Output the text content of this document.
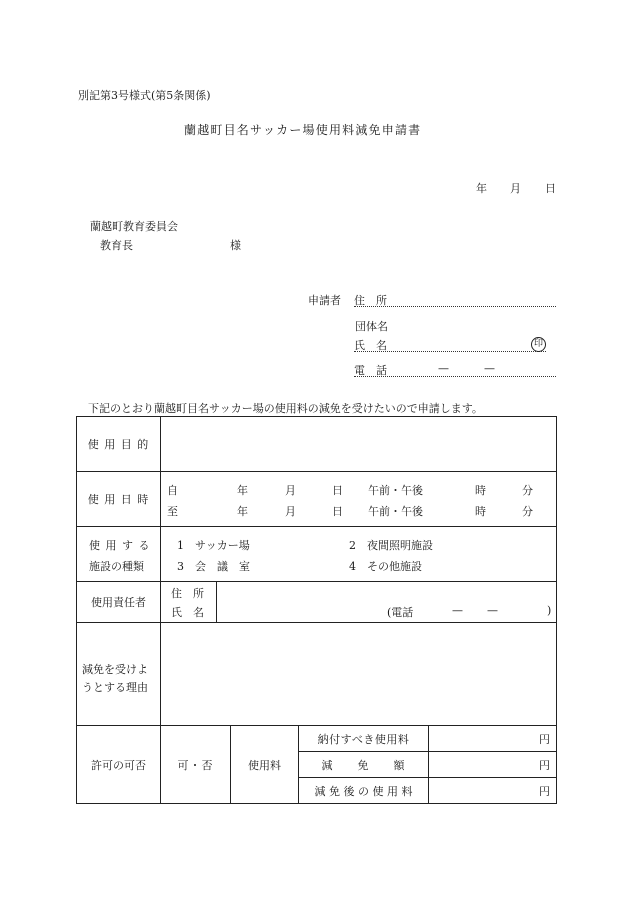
別記第3号様式(第5条関係)
蘭越町目名サッカー場使用料減免申請書
年 月 日
蘭越町教育委員会
教育長	様
申請者 住　所
団体名
氏　名	印
電　話	—	—
下記のとおり蘭越町目名サッカー場の使用料の減免を受けたいので申請します。
使 用 目 的	
使 用 日 時	
自	年	月	日 午前・午後	時	分
至	年	月	日 午前・午後	時	分

使 用 す る
施設の種類

1　サッカー場	2　夜間照明施設
3　会　議　室	4　その他施設

使用責任者	
住　所
氏　名	(電話	— —	)

減免を受けよ
うとする理由

許可の可否	可・否	使用料	納付すべき使用料	円
減　　免　　額	円
減 免 後 の 使 用 料	円
